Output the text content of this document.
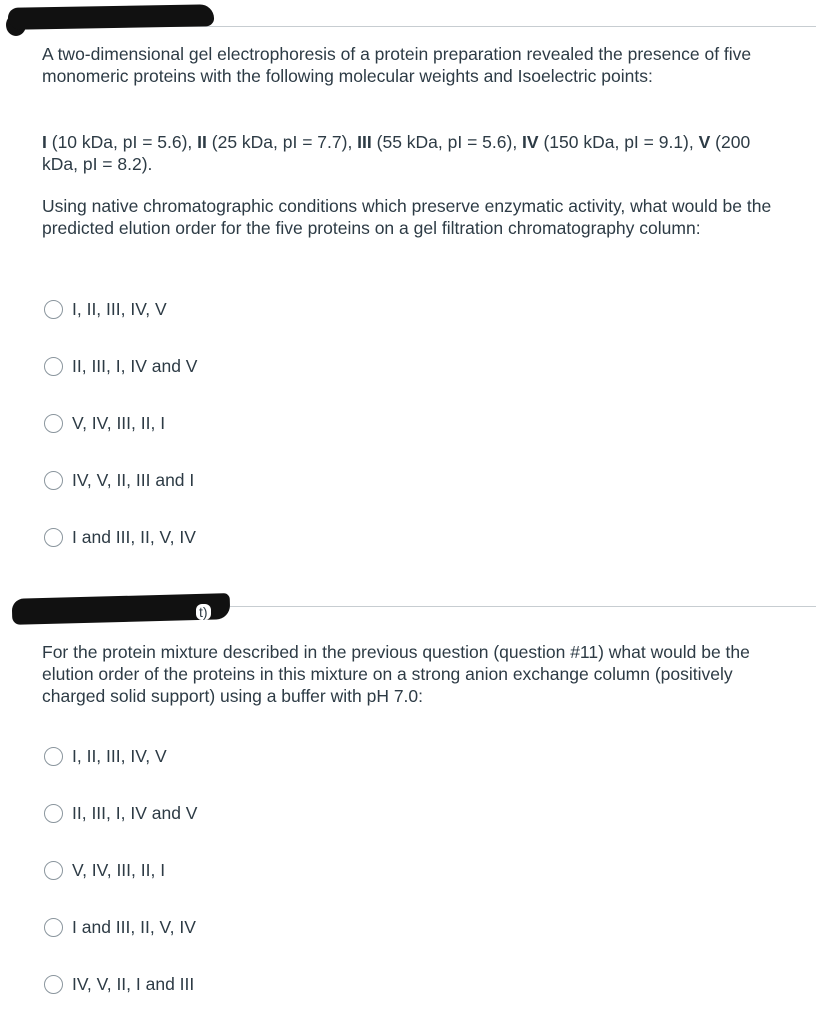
A two-dimensional gel electrophoresis of a protein preparation revealed the presence of five monomeric proteins with the following molecular weights and Isoelectric points:

I (10 kDa, pI = 5.6), II (25 kDa, pI = 7.7), III (55 kDa, pI = 5.6), IV (150 kDa, pI = 9.1), V (200 kDa, pI = 8.2).

Using native chromatographic conditions which preserve enzymatic activity, what would be the predicted elution order for the five proteins on a gel filtration chromatography column:

I, II, III, IV, V
II, III, I, IV and V
V, IV, III, II, I
IV, V, II, III and I
I and III, II, V, IV
t)

For the protein mixture described in the previous question (question #11) what would be the elution order of the proteins in this mixture on a strong anion exchange column (positively charged solid support) using a buffer with pH 7.0:

I, II, III, IV, V
II, III, I, IV and V
V, IV, III, II, I
I and III, II, V, IV
IV, V, II, I and III
